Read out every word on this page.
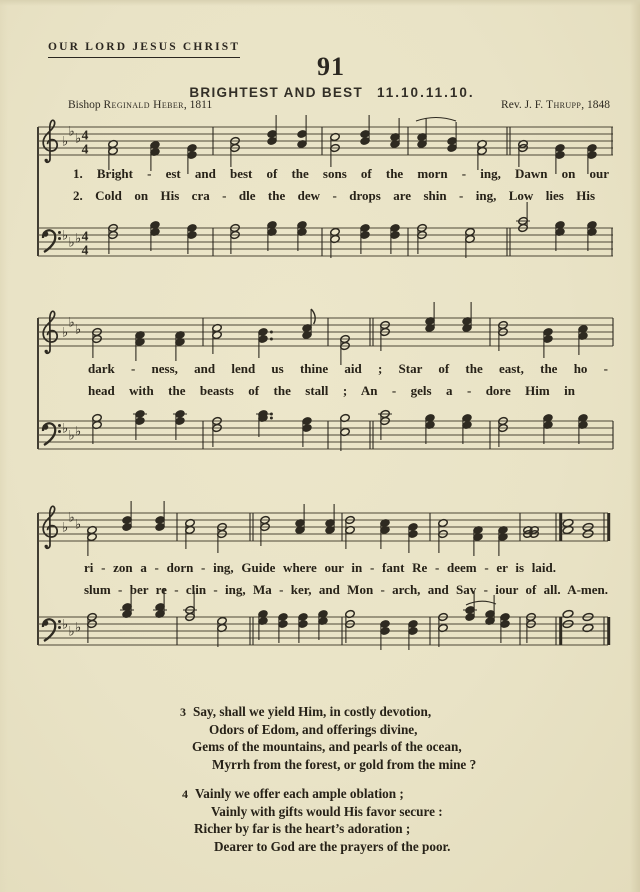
OUR LORD JESUS CHRIST
91
BRIGHTEST AND BEST 11.10.11.10.
Bishop Reginald Heber, 1811	Rev. J. F. Thrupp, 1848
♭
♭ ♭ 4
4
♭ ♭ ♭ 4
4
♭
♭ ♭
♭ ♭ ♭
♭
♭ ♭
♭ ♭ ♭
1. Bright - est and best of the sons of the morn - ing, Dawn on our
2. Cold on His cra - dle the dew - drops are shin - ing, Low lies His
dark - ness, and lend us thine aid ; Star of the east, the ho -
head with the beasts of the stall ; An - gels a - dore Him in
ri - zon a - dorn - ing, Guide where our in - fant Re - deem - er is laid.
slum - ber re - clin - ing, Ma - ker, and Mon - arch, and Sav - iour of all. A-men.
3 Say, shall we yield Him, in costly devotion,
Odors of Edom, and offerings divine,
Gems of the mountains, and pearls of the ocean,
Myrrh from the forest, or gold from the mine ?
4 Vainly we offer each ample oblation ;
Vainly with gifts would His favor secure :
Richer by far is the heart’s adoration ;
Dearer to God are the prayers of the poor.
